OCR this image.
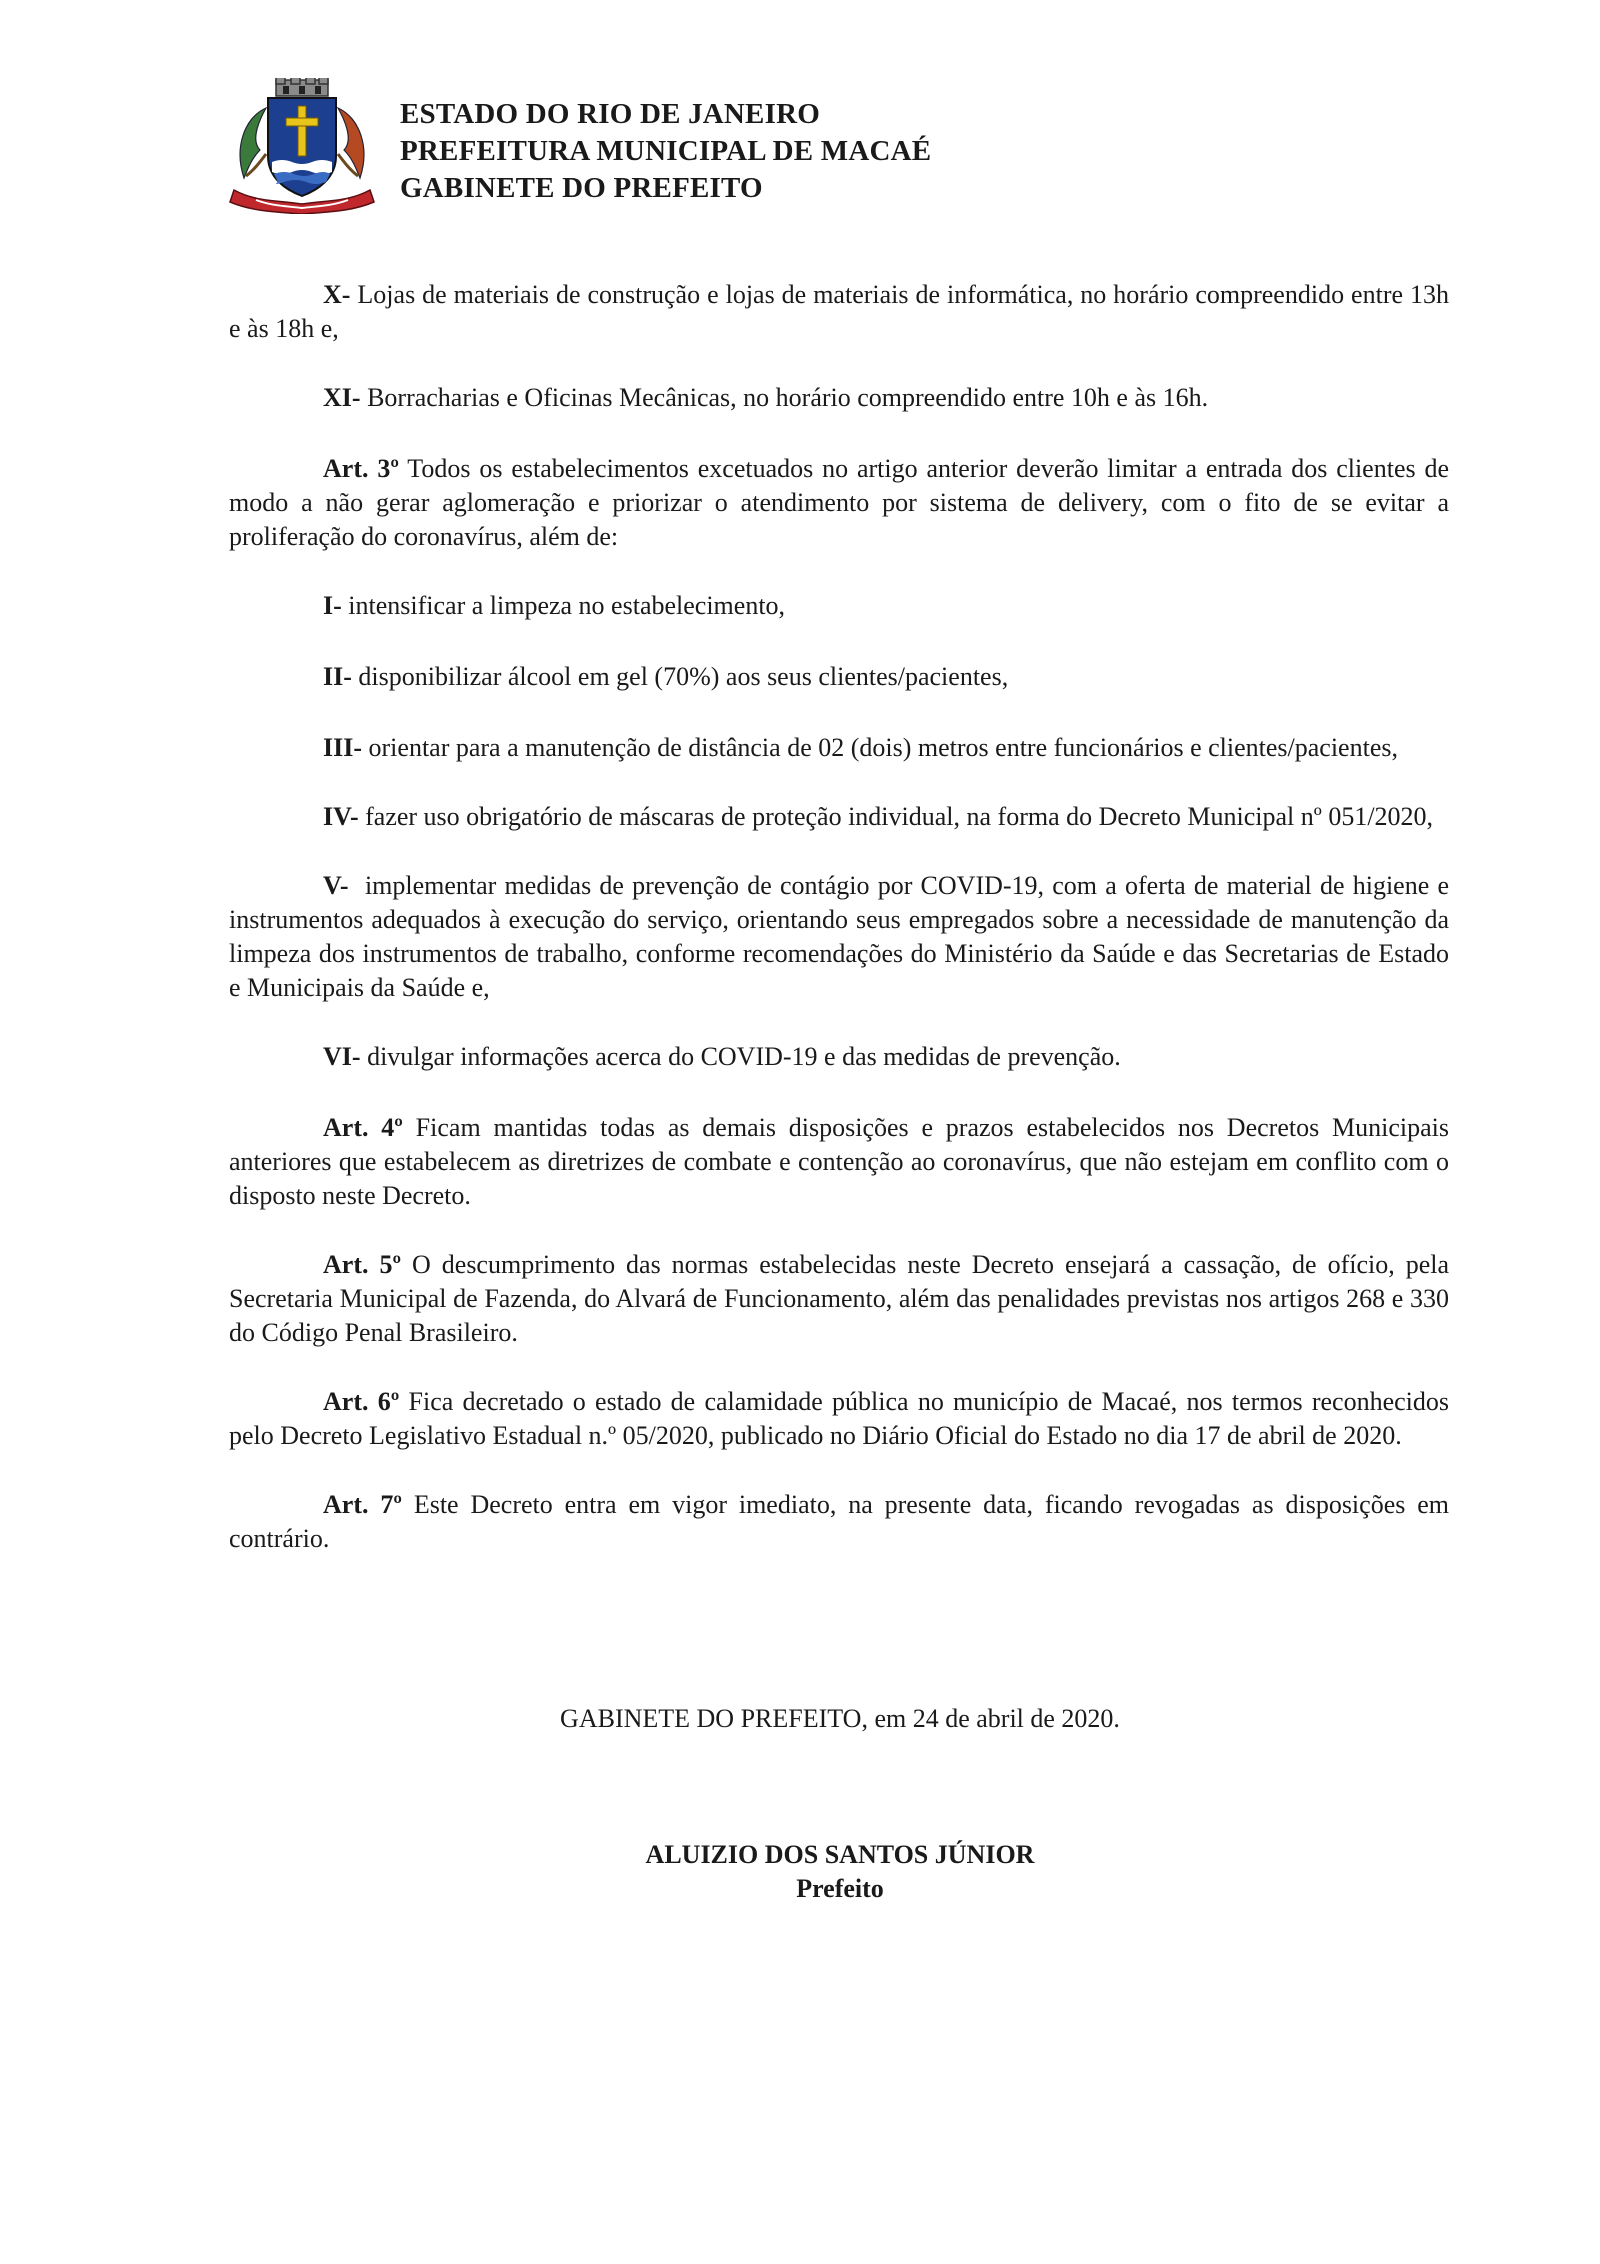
ESTADO DO RIO DE JANEIRO
PREFEITURA MUNICIPAL DE MACAÉ
GABINETE DO PREFEITO

X- Lojas de materiais de construção e lojas de materiais de informática, no horário compreendido entre 13h e às 18h e,

XI- Borracharias e Oficinas Mecânicas, no horário compreendido entre 10h e às 16h.

Art. 3º Todos os estabelecimentos excetuados no artigo anterior deverão limitar a entrada dos clientes de modo a não gerar aglomeração e priorizar o atendimento por sistema de delivery, com o fito de se evitar a proliferação do coronavírus, além de:

I- intensificar a limpeza no estabelecimento,

II- disponibilizar álcool em gel (70%) aos seus clientes/pacientes,

III- orientar para a manutenção de distância de 02 (dois) metros entre funcionários e clientes/pacientes,

IV- fazer uso obrigatório de máscaras de proteção individual, na forma do Decreto Municipal nº 051/2020,

V-  implementar medidas de prevenção de contágio por COVID-19, com a oferta de material de higiene e instrumentos adequados à execução do serviço, orientando seus empregados sobre a necessidade de manutenção da limpeza dos instrumentos de trabalho, conforme recomendações do Ministério da Saúde e das Secretarias de Estado e Municipais da Saúde e,

VI- divulgar informações acerca do COVID-19 e das medidas de prevenção.

Art. 4º Ficam mantidas todas as demais disposições e prazos estabelecidos nos Decretos Municipais anteriores que estabelecem as diretrizes de combate e contenção ao coronavírus, que não estejam em conflito com o disposto neste Decreto.

Art. 5º O descumprimento das normas estabelecidas neste Decreto ensejará a cassação, de ofício, pela Secretaria Municipal de Fazenda, do Alvará de Funcionamento, além das penalidades previstas nos artigos 268 e 330 do Código Penal Brasileiro.

Art. 6º Fica decretado o estado de calamidade pública no município de Macaé, nos termos reconhecidos pelo Decreto Legislativo Estadual n.º 05/2020, publicado no Diário Oficial do Estado no dia 17 de abril de 2020.

Art. 7º Este Decreto entra em vigor imediato, na presente data, ficando revogadas as disposições em contrário.

GABINETE DO PREFEITO, em 24 de abril de 2020.
ALUIZIO DOS SANTOS JÚNIOR
Prefeito
